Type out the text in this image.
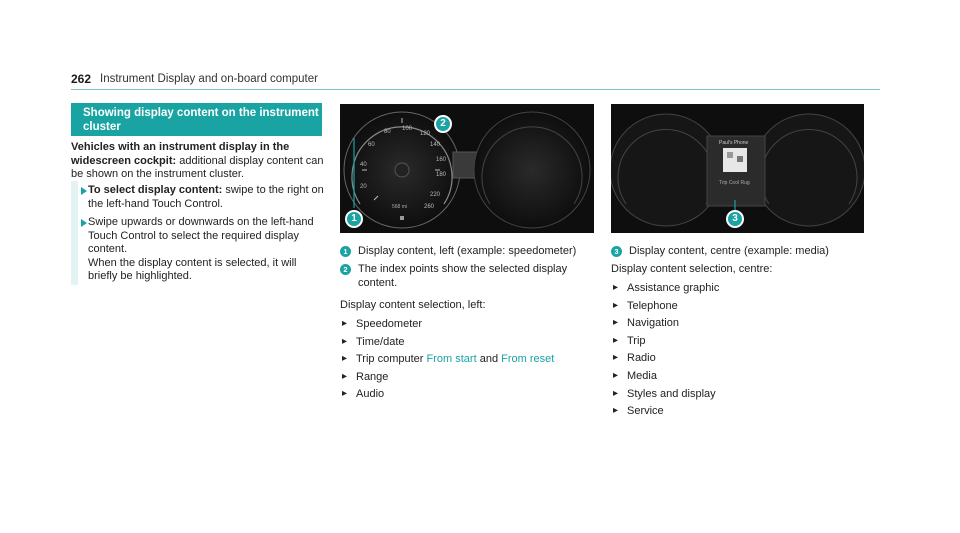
262 Instrument Display and on-board computer
Showing display content on the instrument cluster
Vehicles with an instrument display in the widescreen cockpit: additional display content can be shown on the instrument cluster.
To select display content: swipe to the right on the left-hand Touch Control.
Swipe upwards or downwards on the left-hand Touch Control to select the required display content.
When the display content is selected, it will briefly be highlighted.
20
40
60
80 100
120
140
160
180
220
260
568 mi
1
2
Paul's Phone
Trip Cool Rug
3
1 Display content, left (example: speedometer)
2 The index points show the selected display content.
Display content selection, left:
▸ Speedometer
▸ Time/date
▸ Trip computer From start and From reset
▸ Range
▸ Audio
3 Display content, centre (example: media)
Display content selection, centre:
▸ Assistance graphic
▸ Telephone
▸ Navigation
▸ Trip
▸ Radio
▸ Media
▸ Styles and display
▸ Service
